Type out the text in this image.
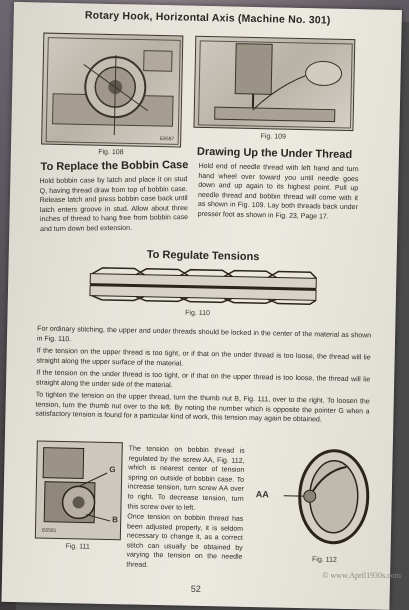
Rotary Hook, Horizontal Axis (Machine No. 301)
E8587
Fig. 108
Fig. 109
To Replace the Bobbin Case
Hold bobbin case by latch and place it on stud Q, having thread draw from top of bobbin case. Release latch and press bobbin case back until latch enters groove in stud. Allow about three inches of thread to hang free from bobbin case and turn down bed extension.
Drawing Up the Under Thread
Hold end of needle thread with left hand and turn hand wheel over toward you until needle goes down and up again to its highest point. Pull up needle thread and bobbin thread will come with it as shown in Fig. 109. Lay both threads back under presser foot as shown in Fig. 23, Page 17.
To Regulate Tensions
Fig. 110
For ordinary stitching, the upper and under threads should be locked in the center of the material as shown in Fig. 110.
If the tension on the upper thread is too tight, or if that on the under thread is too loose, the thread will lie straight along the upper surface of the material.
If the tension on the under thread is too tight, or if that on the upper thread is too loose, the thread will lie straight along the under side of the material.
To tighten the tension on the upper thread, turn the thumb nut B, Fig. 111, over to the right. To loosen the tension, turn the thumb nut over to the left. By noting the number which is opposite the pointer G when a satisfactory tension is found for a particular kind of work, this tension may again be obtained.
G
B
E6581
Fig. 111
The tension on bobbin thread is regulated by the screw AA, Fig. 112, which is nearest center of tension spring on outside of bobbin case. To increase tension, turn screw AA over to right. To decrease tension, turn this screw over to left.
Once tension on bobbin thread has been adjusted properly, it is seldom necessary to change it, as a correct stitch can usually be obtained by varying the tension on the needle thread.
AA
Fig. 112
52
© www.April1930s.com
